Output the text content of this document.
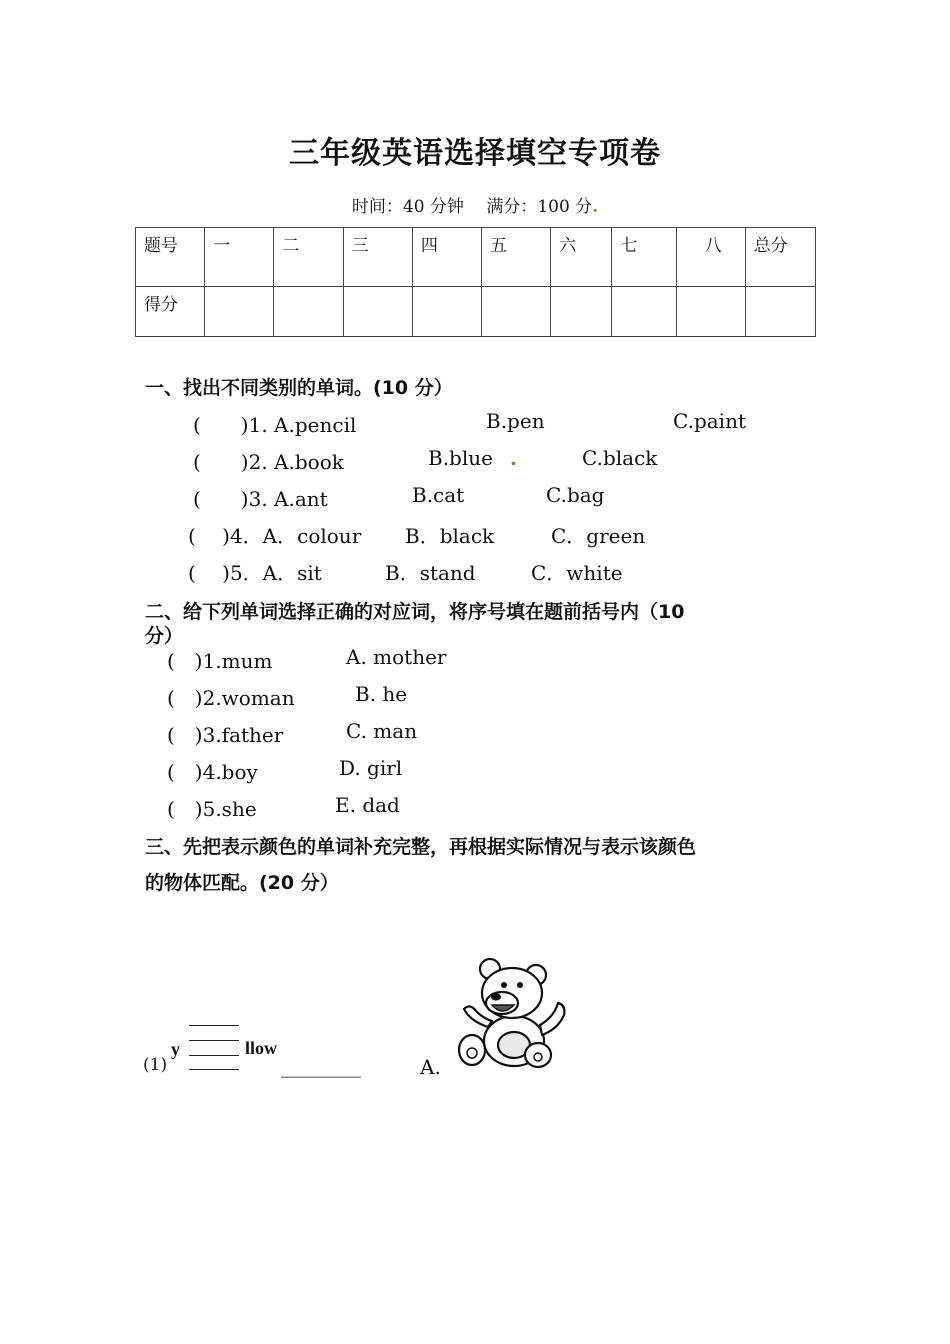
三年级英语选择填空专项卷
时间：40 分钟　 满分：100 分.
题号	一	二	三	四	五	六	七	八	总分
得分									
一、找出不同类别的单词。(10 分）
(　　)1. A.pencil	B.pen	C.paint
(　　)2. A.book	B.blue .	C.black
(　　)3. A.ant	B.cat	C.bag
(　 )4．A．colour B．black	C．green
(　 )5．A．sit	B．stand	C．white
二、给下列单词选择正确的对应词，将序号填在题前括号内（10
分）
(　)1.mum	A. mother
(　)2.woman	B. he
(　)3.father	C. man
(　)4.boy	D. girl
(　)5.she	E. dad
三、先把表示颜色的单词补充完整，再根据实际情况与表示该颜色
的物体匹配。(20 分）
(1)
y	llow
________	A.
